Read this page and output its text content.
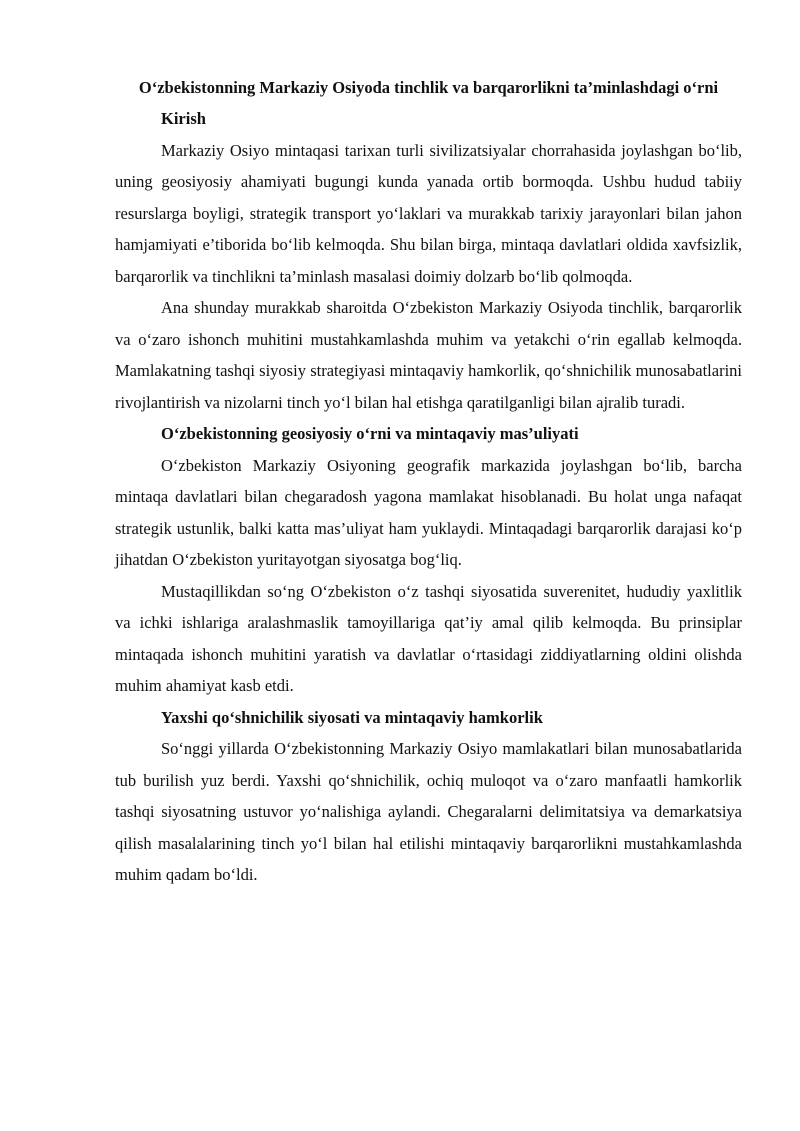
O‘zbekistonning Markaziy Osiyoda tinchlik va barqarorlikni ta’minlashdagi o‘rni

Kirish

Markaziy Osiyo mintaqasi tarixan turli sivilizatsiyalar chorrahasida joylashgan bo‘lib, uning geosiyosiy ahamiyati bugungi kunda yanada ortib bormoqda. Ushbu hudud tabiiy resurslarga boyligi, strategik transport yo‘laklari va murakkab tarixiy jarayonlari bilan jahon hamjamiyati e’tiborida bo‘lib kelmoqda. Shu bilan birga, mintaqa davlatlari oldida xavfsizlik, barqarorlik va tinchlikni ta’minlash masalasi doimiy dolzarb bo‘lib qolmoqda.

Ana shunday murakkab sharoitda O‘zbekiston Markaziy Osiyoda tinchlik, barqarorlik va o‘zaro ishonch muhitini mustahkamlashda muhim va yetakchi o‘rin egallab kelmoqda. Mamlakatning tashqi siyosiy strategiyasi mintaqaviy hamkorlik, qo‘shnichilik munosabatlarini rivojlantirish va nizolarni tinch yo‘l bilan hal etishga qaratilganligi bilan ajralib turadi.

O‘zbekistonning geosiyosiy o‘rni va mintaqaviy mas’uliyati

O‘zbekiston Markaziy Osiyoning geografik markazida joylashgan bo‘lib, barcha mintaqa davlatlari bilan chegaradosh yagona mamlakat hisoblanadi. Bu holat unga nafaqat strategik ustunlik, balki katta mas’uliyat ham yuklaydi. Mintaqadagi barqarorlik darajasi ko‘p jihatdan O‘zbekiston yuritayotgan siyosatga bog‘liq.

Mustaqillikdan so‘ng O‘zbekiston o‘z tashqi siyosatida suverenitet, hududiy yaxlitlik va ichki ishlariga aralashmaslik tamoyillariga qat’iy amal qilib kelmoqda. Bu prinsiplar mintaqada ishonch muhitini yaratish va davlatlar o‘rtasidagi ziddiyatlarning oldini olishda muhim ahamiyat kasb etdi.

Yaxshi qo‘shnichilik siyosati va mintaqaviy hamkorlik

So‘nggi yillarda O‘zbekistonning Markaziy Osiyo mamlakatlari bilan munosabatlarida tub burilish yuz berdi. Yaxshi qo‘shnichilik, ochiq muloqot va o‘zaro manfaatli hamkorlik tashqi siyosatning ustuvor yo‘nalishiga aylandi. Chegaralarni delimitatsiya va demarkatsiya qilish masalalarining tinch yo‘l bilan hal etilishi mintaqaviy barqarorlikni mustahkamlashda muhim qadam bo‘ldi.
